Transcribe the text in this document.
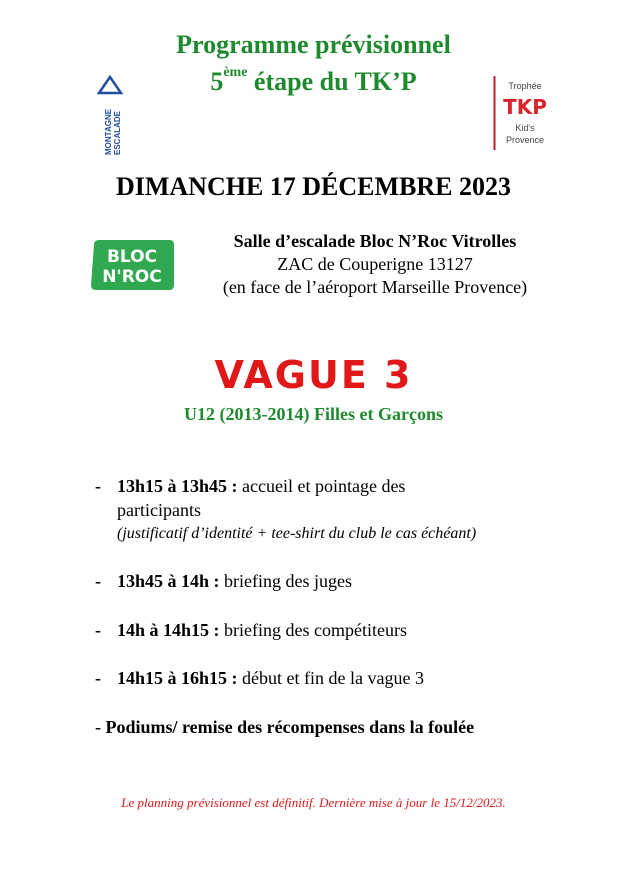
Programme prévisionnel
5ème étape du TK’P
MONTAGNE ESCALADE
Trophée
TKP
Kid's
Provence
DIMANCHE 17 DÉCEMBRE 2023
BLOC
N'ROC
Salle d’escalade Bloc N’Roc Vitrolles
ZAC de Couperigne 13127
(en face de l’aéroport Marseille Provence)
VAGUE 3
U12 (2013-2014) Filles et Garçons
- 13h15 à 13h45 : accueil et pointage des
participants
(justificatif d’identité + tee-shirt du club le cas échéant)
- 13h45 à 14h : briefing des juges
- 14h à 14h15 : briefing des compétiteurs
- 14h15 à 16h15 : début et fin de la vague 3
- Podiums/ remise des récompenses dans la foulée
Le planning prévisionnel est définitif. Dernière mise à jour le 15/12/2023.
